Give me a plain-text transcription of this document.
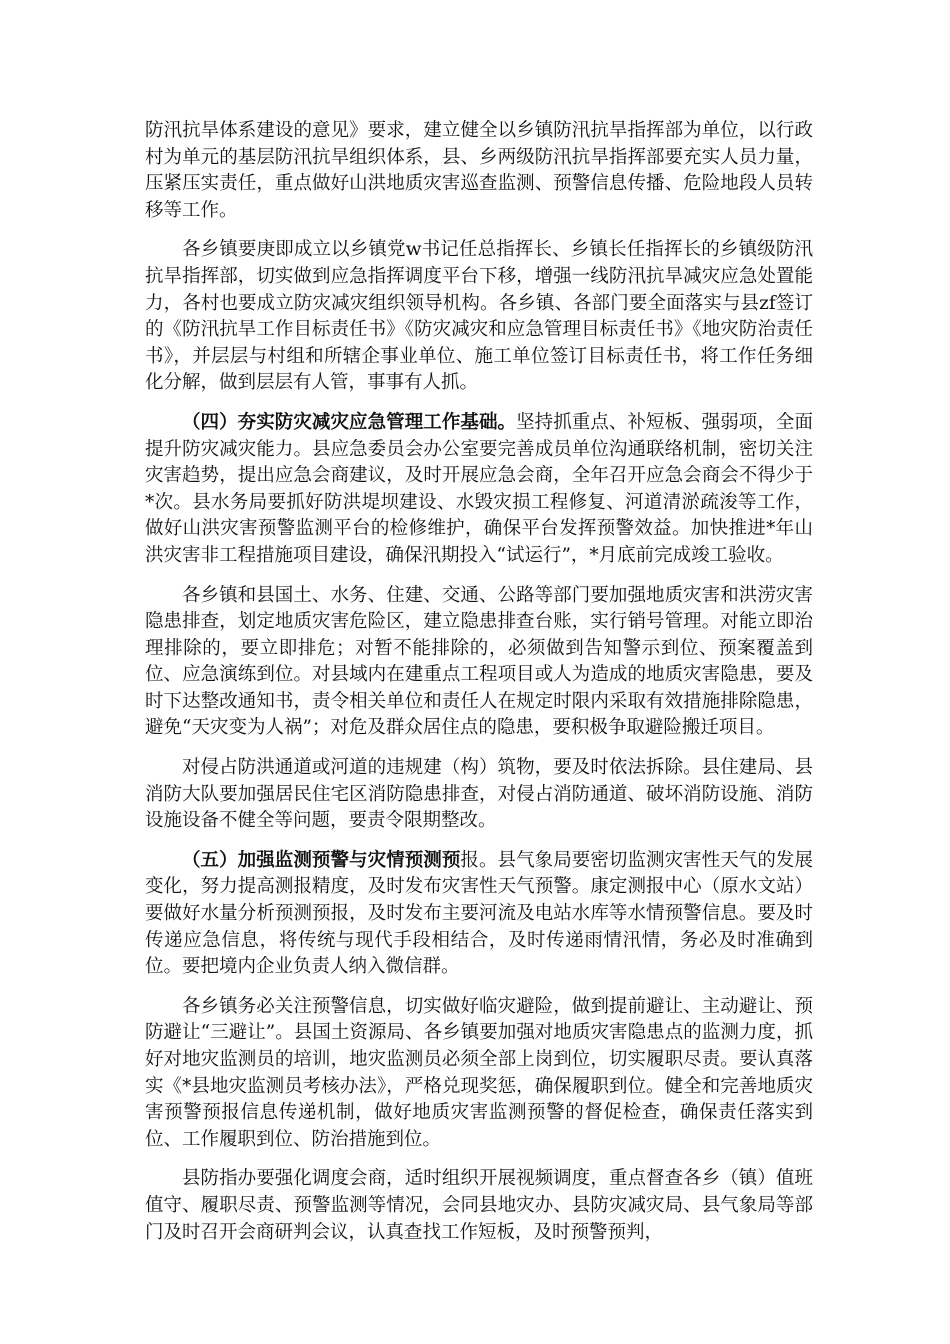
防汛抗旱体系建设的意见》要求，建立健全以乡镇防汛抗旱指挥部为单位，以行政村为单元的基层防汛抗旱组织体系，县、乡两级防汛抗旱指挥部要充实人员力量，压紧压实责任，重点做好山洪地质灾害巡查监测、预警信息传播、危险地段人员转移等工作。

各乡镇要庚即成立以乡镇党w书记任总指挥长、乡镇长任指挥长的乡镇级防汛抗旱指挥部，切实做到应急指挥调度平台下移，增强一线防汛抗旱减灾应急处置能力，各村也要成立防灾减灾组织领导机构。各乡镇、各部门要全面落实与县zf签订的《防汛抗旱工作目标责任书》《防灾减灾和应急管理目标责任书》《地灾防治责任书》，并层层与村组和所辖企事业单位、施工单位签订目标责任书，将工作任务细化分解，做到层层有人管，事事有人抓。

（四）夯实防灾减灾应急管理工作基础。坚持抓重点、补短板、强弱项，全面提升防灾减灾能力。县应急委员会办公室要完善成员单位沟通联络机制，密切关注灾害趋势，提出应急会商建议，及时开展应急会商，全年召开应急会商会不得少于*次。县水务局要抓好防洪堤坝建设、水毁灾损工程修复、河道清淤疏浚等工作，做好山洪灾害预警监测平台的检修维护，确保平台发挥预警效益。加快推进*年山洪灾害非工程措施项目建设，确保汛期投入“试运行”，*月底前完成竣工验收。

各乡镇和县国土、水务、住建、交通、公路等部门要加强地质灾害和洪涝灾害隐患排查，划定地质灾害危险区，建立隐患排查台账，实行销号管理。对能立即治理排除的，要立即排危；对暂不能排除的，必须做到告知警示到位、预案覆盖到位、应急演练到位。对县域内在建重点工程项目或人为造成的地质灾害隐患，要及时下达整改通知书，责令相关单位和责任人在规定时限内采取有效措施排除隐患，避免“天灾变为人祸”；对危及群众居住点的隐患，要积极争取避险搬迁项目。

对侵占防洪通道或河道的违规建（构）筑物，要及时依法拆除。县住建局、县消防大队要加强居民住宅区消防隐患排查，对侵占消防通道、破坏消防设施、消防设施设备不健全等问题，要责令限期整改。

（五）加强监测预警与灾情预测预报。县气象局要密切监测灾害性天气的发展变化，努力提高测报精度，及时发布灾害性天气预警。康定测报中心（原水文站）要做好水量分析预测预报，及时发布主要河流及电站水库等水情预警信息。要及时传递应急信息，将传统与现代手段相结合，及时传递雨情汛情，务必及时准确到位。要把境内企业负责人纳入微信群。

各乡镇务必关注预警信息，切实做好临灾避险，做到提前避让、主动避让、预防避让“三避让”。县国土资源局、各乡镇要加强对地质灾害隐患点的监测力度，抓好对地灾监测员的培训，地灾监测员必须全部上岗到位，切实履职尽责。要认真落实《*县地灾监测员考核办法》，严格兑现奖惩，确保履职到位。健全和完善地质灾害预警预报信息传递机制，做好地质灾害监测预警的督促检查，确保责任落实到位、工作履职到位、防治措施到位。

县防指办要强化调度会商，适时组织开展视频调度，重点督查各乡（镇）值班值守、履职尽责、预警监测等情况，会同县地灾办、县防灾减灾局、县气象局等部门及时召开会商研判会议，认真查找工作短板，及时预警预判，
